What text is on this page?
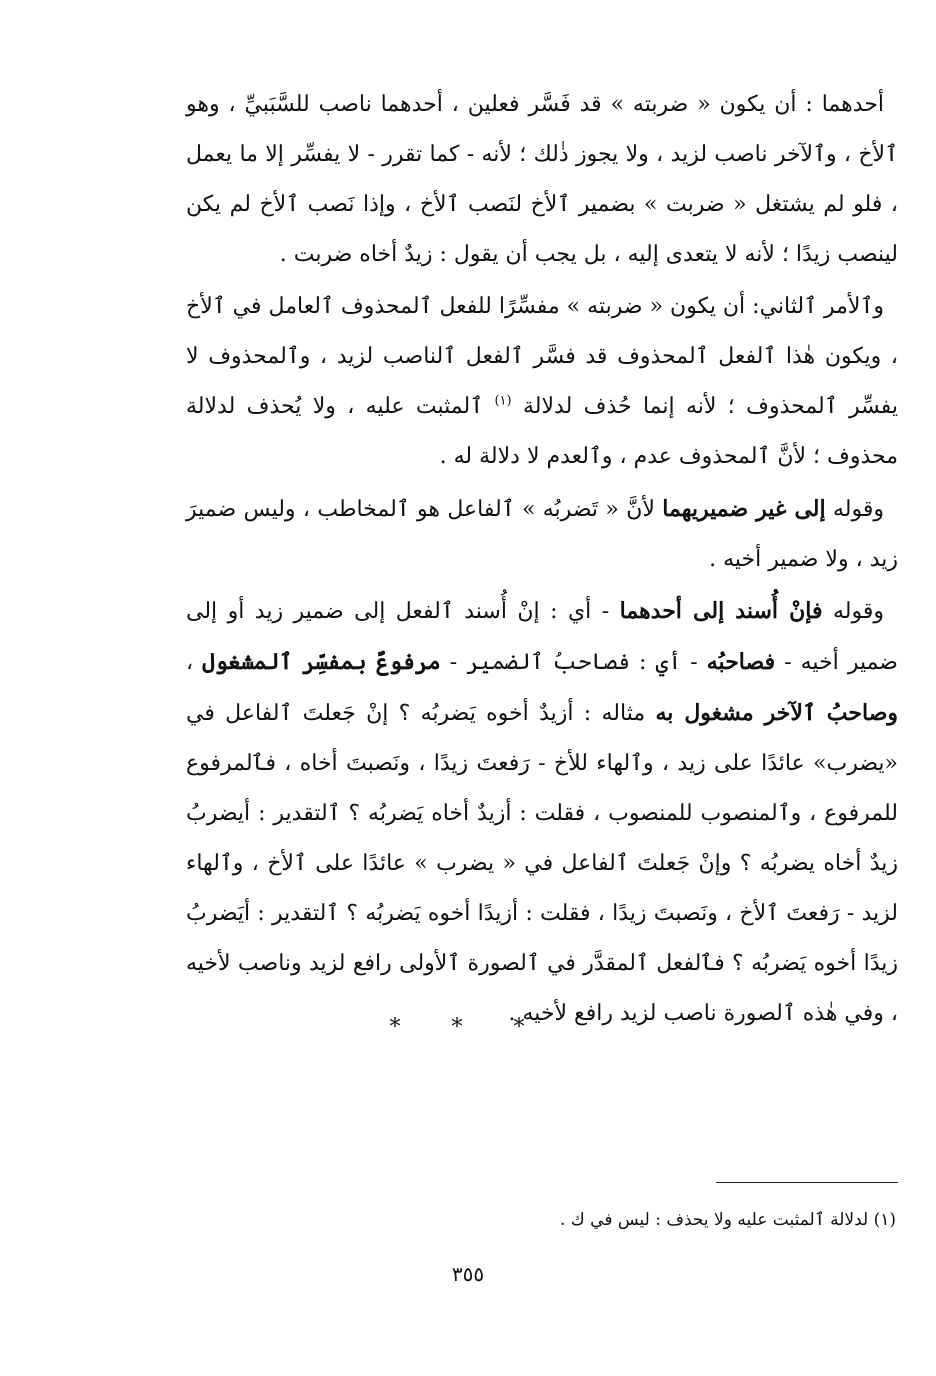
أحدهما : أن يكون « ضربته » قد فَسَّر فعلين ، أحدهما ناصب للسَّبَبيِّ ، وهو ٱلأخ ، وٱلآخر ناصب لزيد ، ولا يجوز ذٰلك ؛ لأنه - كما تقرر - لا يفسِّر إلا ما يعمل ، فلو لم يشتغل « ضربت » بضمير ٱلأخ لنَصب ٱلأخ ، وإذا نَصب ٱلأخ لم يكن لينصب زيدًا ؛ لأنه لا يتعدى إليه ، بل يجب أن يقول : زيدٌ أخاه ضربت .

وٱلأمر ٱلثاني: أن يكون « ضربته » مفسِّرًا للفعل ٱلمحذوف ٱلعامل في ٱلأخ ، ويكون هٰذا ٱلفعل ٱلمحذوف قد فسَّر ٱلفعل ٱلناصب لزيد ، وٱلمحذوف لا يفسِّر ٱلمحذوف ؛ لأنه إنما حُذف لدلالة $^{(١)}$ ٱلمثبت عليه ، ولا يُحذف لدلالة محذوف ؛ لأنَّ ٱلمحذوف عدم ، وٱلعدم لا دلالة له .

وقوله إلى غير ضميريهما لأنَّ « تَضربُه » ٱلفاعل هو ٱلمخاطب ، وليس ضميرَ زيد ، ولا ضمير أخيه .

وقوله فإنْ أُسند إلى أحدهما - أي : إنْ أُسند ٱلفعل إلى ضمير زيد أو إلى ضمير أخيه - فصاحبُه - أي : فصاحبُ ٱلضمير - مرفوعٌ بمفسِّر ٱلمشغول ، وصاحبُ ٱلآخر مشغول به مثاله : أزيدٌ أخوه يَضربُه ؟ إنْ جَعلتَ ٱلفاعل في «يضرب» عائدًا على زيد ، وٱلهاء للأخ - رَفعتَ زيدًا ، ونَصبتَ أخاه ، فٱلمرفوع للمرفوع ، وٱلمنصوب للمنصوب ، فقلت : أزيدٌ أخاه يَضربُه ؟ ٱلتقدير : أيضربُ زيدٌ أخاه يضربُه ؟ وإنْ جَعلتَ ٱلفاعل في « يضرب » عائدًا على ٱلأخ ، وٱلهاء لزيد - رَفعتَ ٱلأخ ، ونَصبتَ زيدًا ، فقلت : أزيدًا أخوه يَضربُه ؟ ٱلتقدير : أيَضربُ زيدًا أخوه يَضربُه ؟ فٱلفعل ٱلمقدَّر في ٱلصورة ٱلأولى رافع لزيد وناصب لأخيه ، وفي هٰذه ٱلصورة ناصب لزيد رافع لأخيه .

* * *
(١) لدلالة ٱلمثبت عليه ولا يحذف : ليس في ك .
٣٥٥
